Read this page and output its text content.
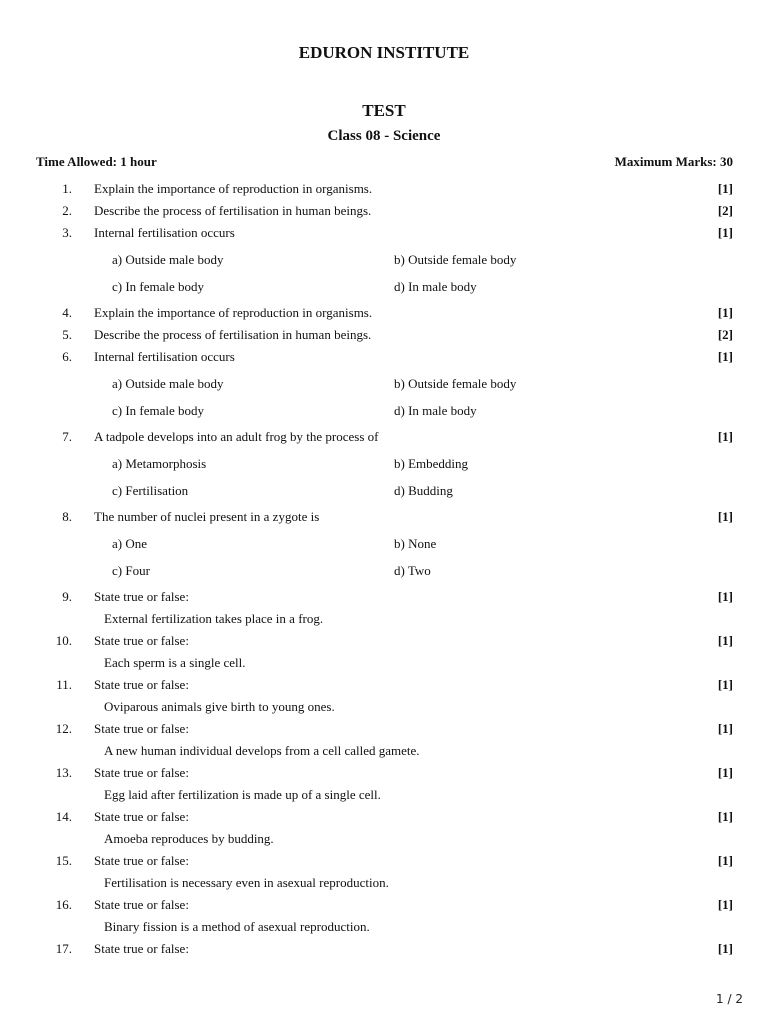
EDURON INSTITUTE
TEST
Class 08 - Science
Time Allowed: 1 hour	Maximum Marks: 30
1. Explain the importance of reproduction in organisms.	[1]
2. Describe the process of fertilisation in human beings.	[2]
3. Internal fertilisation occurs	[1]
a) Outside male body	b) Outside female body
c) In female body	d) In male body
4. Explain the importance of reproduction in organisms.	[1]
5. Describe the process of fertilisation in human beings.	[2]
6. Internal fertilisation occurs	[1]
a) Outside male body	b) Outside female body
c) In female body	d) In male body
7. A tadpole develops into an adult frog by the process of	[1]
a) Metamorphosis	b) Embedding
c) Fertilisation	d) Budding
8. The number of nuclei present in a zygote is	[1]
a) One	b) None
c) Four	d) Two
9. State true or false:	[1]
External fertilization takes place in a frog.
10. State true or false:	[1]
Each sperm is a single cell.
11. State true or false:	[1]
Oviparous animals give birth to young ones.
12. State true or false:	[1]
A new human individual develops from a cell called gamete.
13. State true or false:	[1]
Egg laid after fertilization is made up of a single cell.
14. State true or false:	[1]
Amoeba reproduces by budding.
15. State true or false:	[1]
Fertilisation is necessary even in asexual reproduction.
16. State true or false:	[1]
Binary fission is a method of asexual reproduction.
17. State true or false:	[1]
1 / 2
